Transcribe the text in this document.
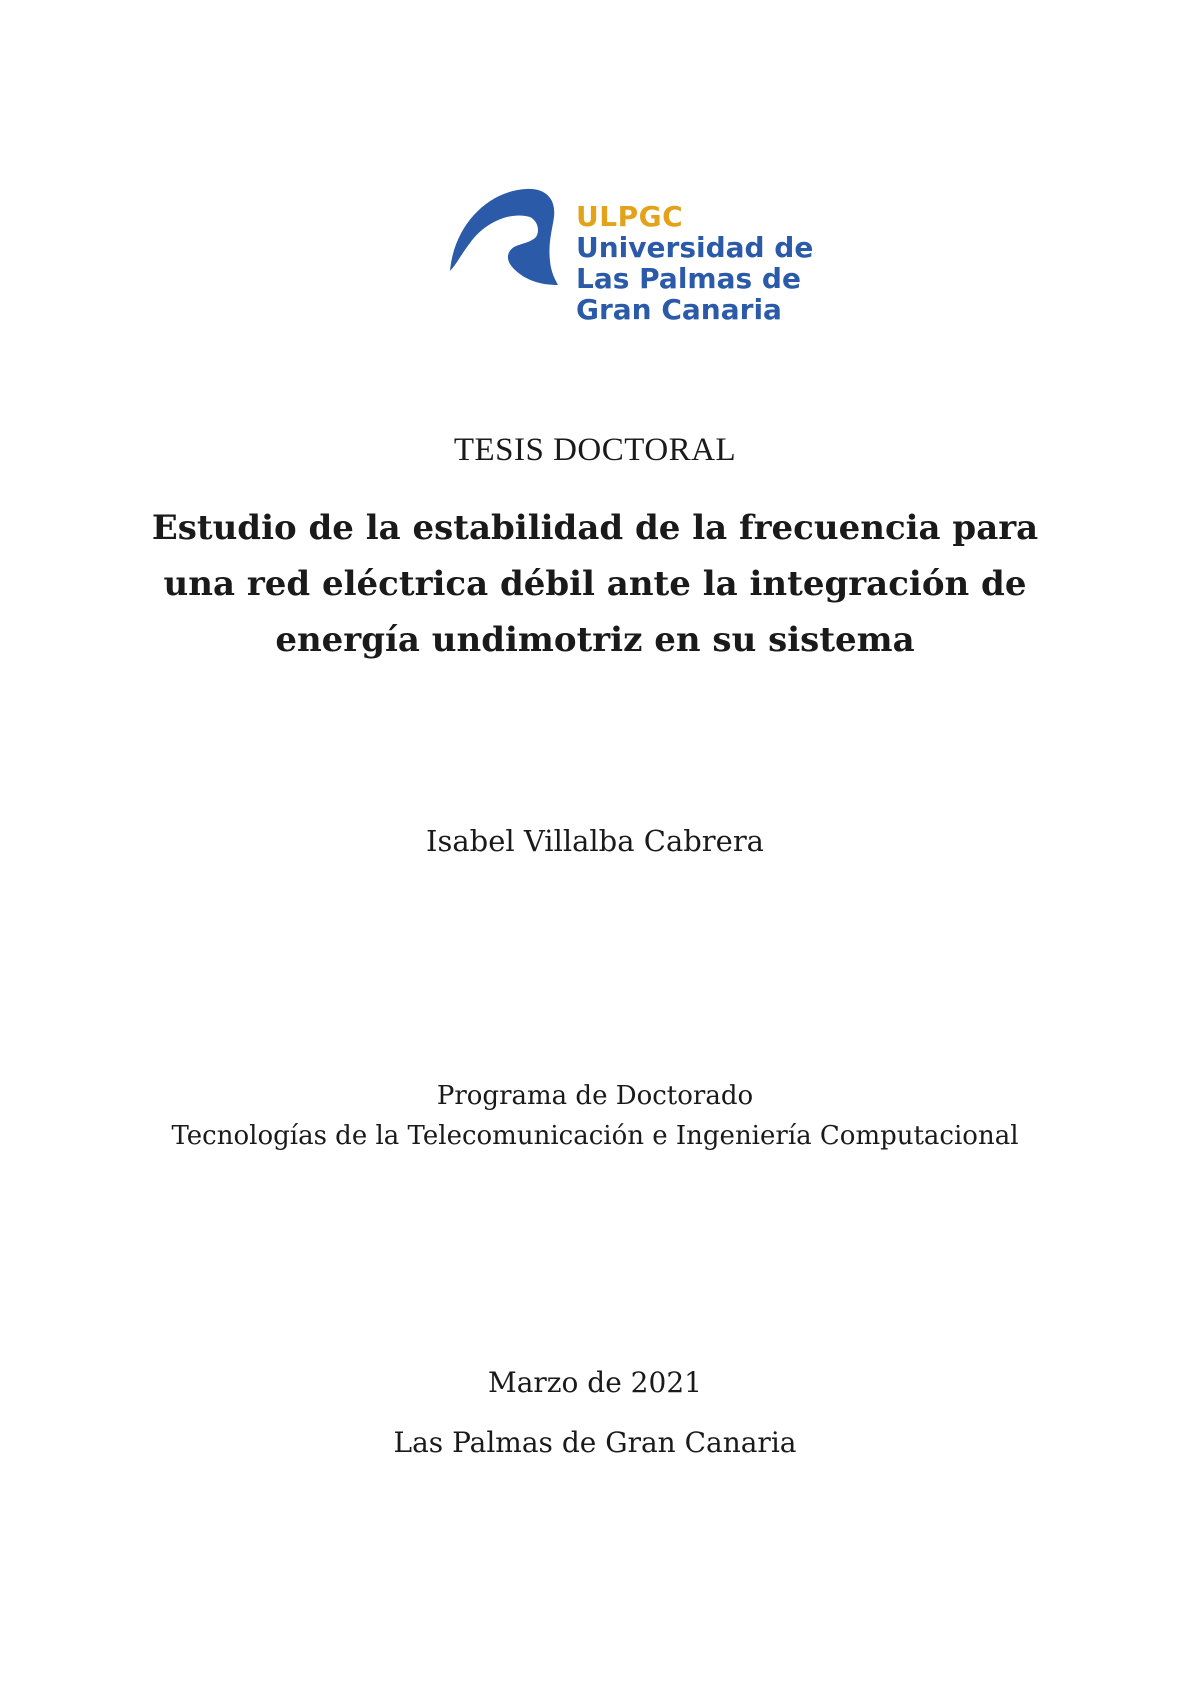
ULPGC
Universidad de
Las Palmas de
Gran Canaria
TESIS DOCTORAL
Estudio de la estabilidad de la frecuencia para
una red eléctrica débil ante la integración de
energía undimotriz en su sistema
Isabel Villalba Cabrera
Programa de Doctorado
Tecnologías de la Telecomunicación e Ingeniería Computacional
Marzo de 2021
Las Palmas de Gran Canaria
